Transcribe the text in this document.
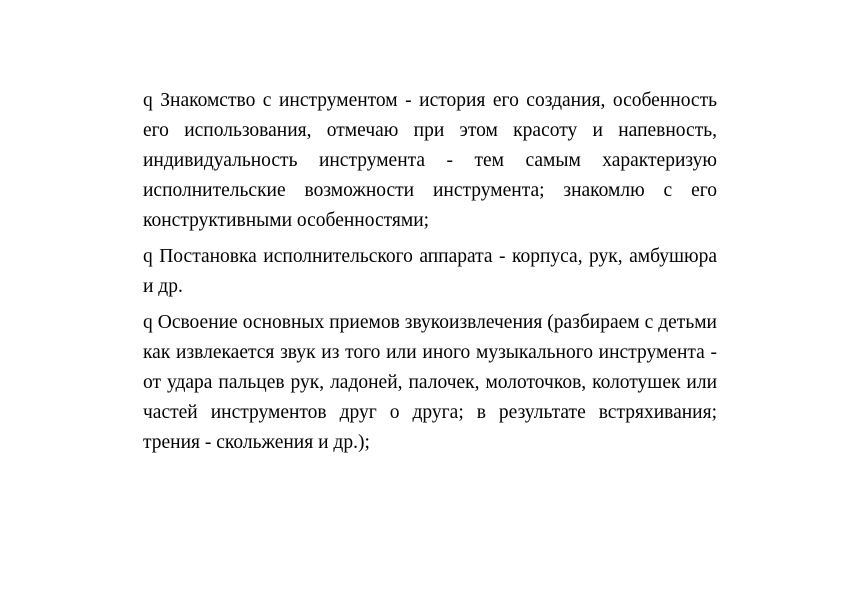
q Знакомство с инструментом - история его создания, особенность его использования, отмечаю при этом красоту и напевность, индивидуальность инструмента - тем самым характеризую исполнительские возможности инструмента; знакомлю с его конструктивными особенностями;

q Постановка исполнительского аппарата - корпуса, рук, амбушюра и др.

q Освоение основных приемов звукоизвлечения (разбираем с детьми как извлекается звук из того или иного музыкального инструмента - от удара пальцев рук, ладоней, палочек, молоточков, колотушек или частей инструментов друг о друга; в результате встряхивания; трения - скольжения и др.);
